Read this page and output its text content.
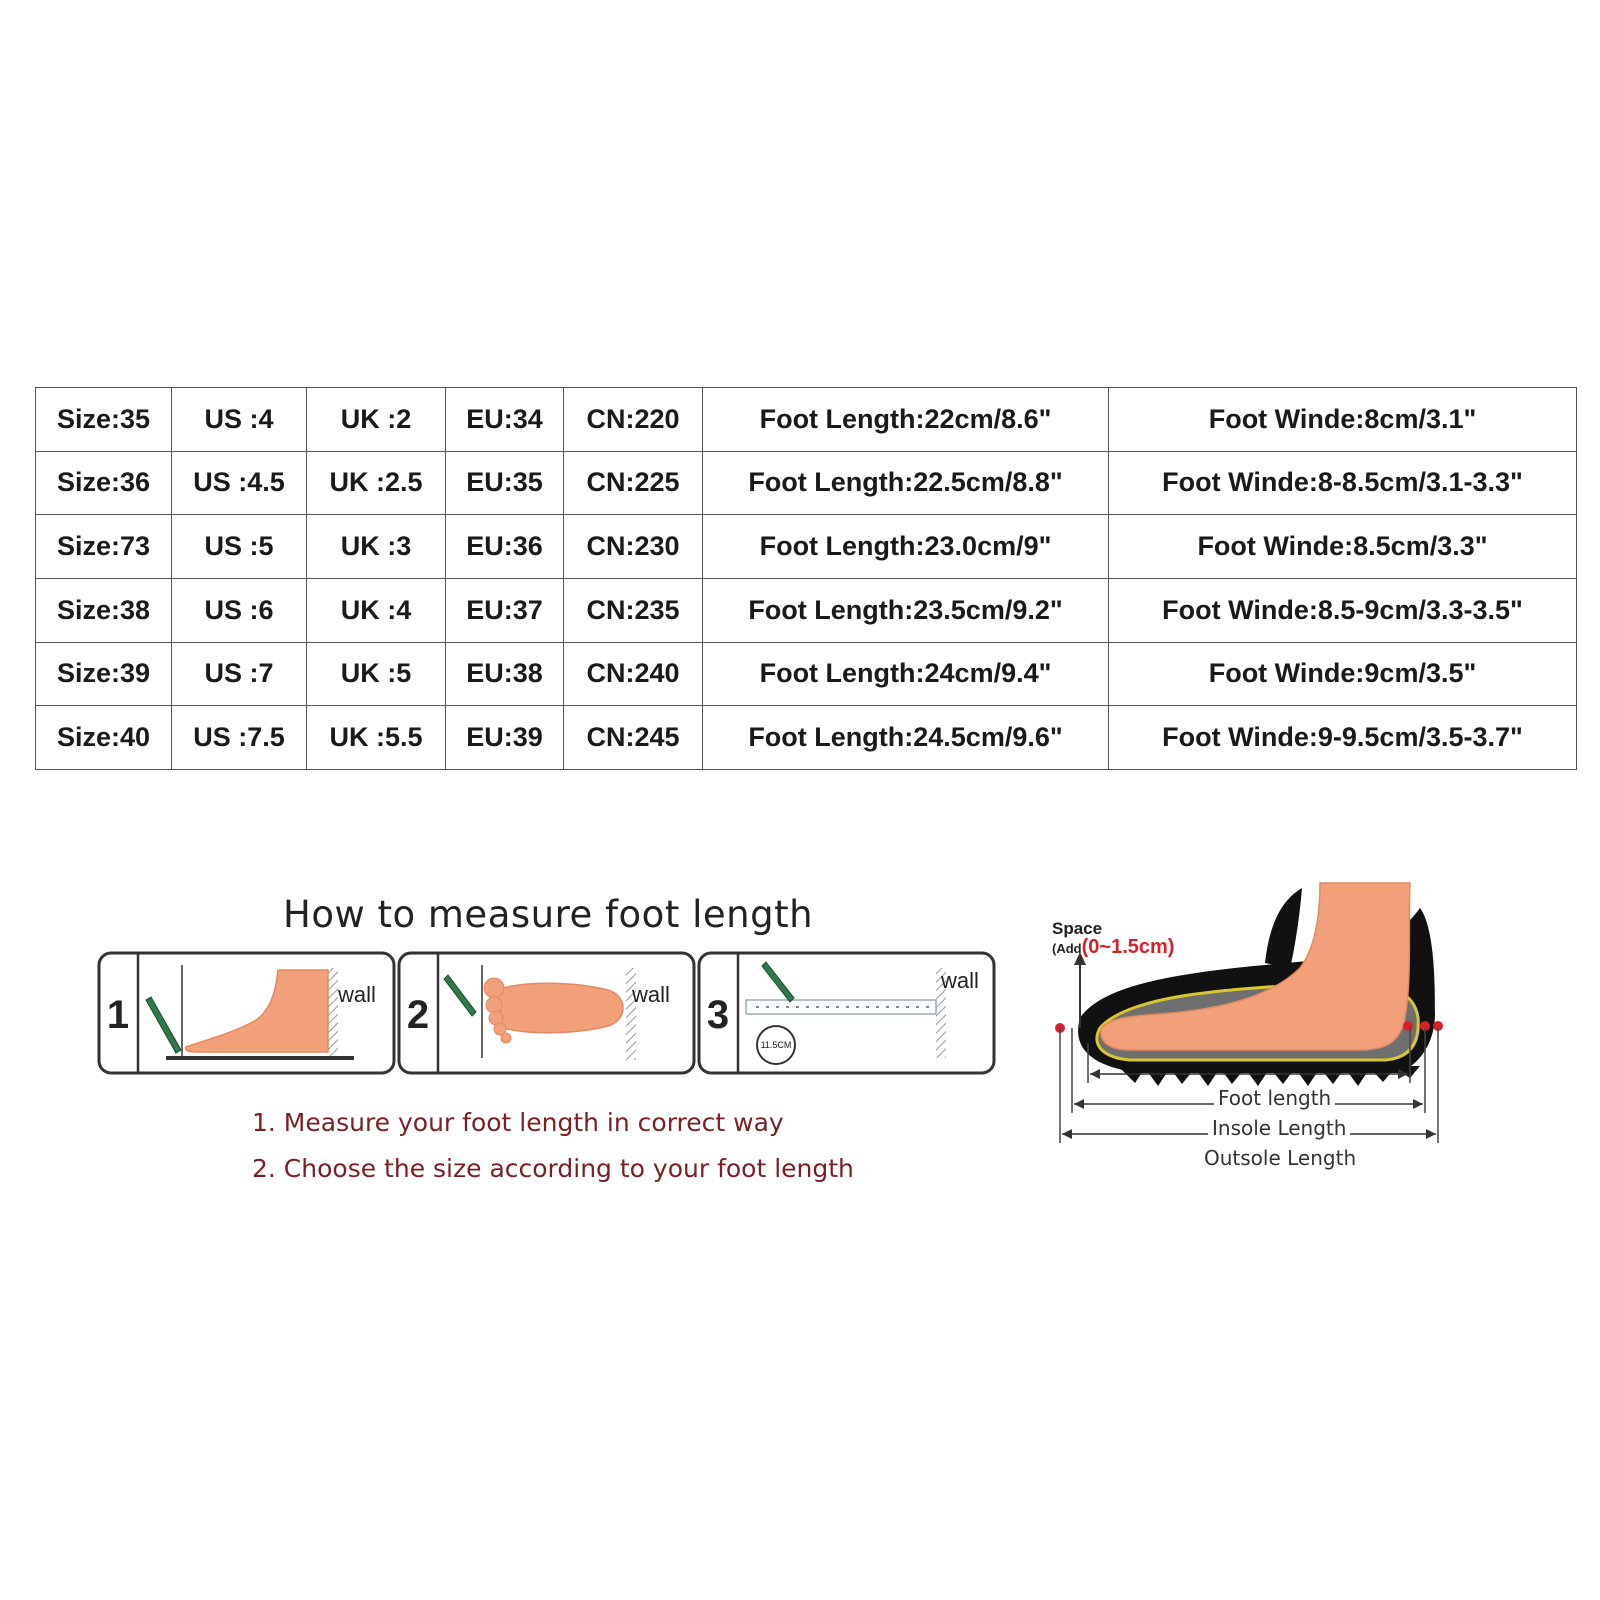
Size:35	US :4	UK :2	EU:34	CN:220	Foot Length:22cm/8.6"	Foot Winde:8cm/3.1"
Size:36	US :4.5	UK :2.5	EU:35	CN:225	Foot Length:22.5cm/8.8"	Foot Winde:8-8.5cm/3.1-3.3"
Size:73	US :5	UK :3	EU:36	CN:230	Foot Length:23.0cm/9"	Foot Winde:8.5cm/3.3"
Size:38	US :6	UK :4	EU:37	CN:235	Foot Length:23.5cm/9.2"	Foot Winde:8.5-9cm/3.3-3.5"
Size:39	US :7	UK :5	EU:38	CN:240	Foot Length:24cm/9.4"	Foot Winde:9cm/3.5"
Size:40	US :7.5	UK :5.5	EU:39	CN:245	Foot Length:24.5cm/9.6"	Foot Winde:9-9.5cm/3.5-3.7"
How to measure foot length
1	wall 2	wall 3
11.5CM
wall
1. Measure your foot length in correct way
2. Choose the size according to your foot length
Space
(Add(0~1.5cm)
Foot length
Insole Length
Outsole Length
